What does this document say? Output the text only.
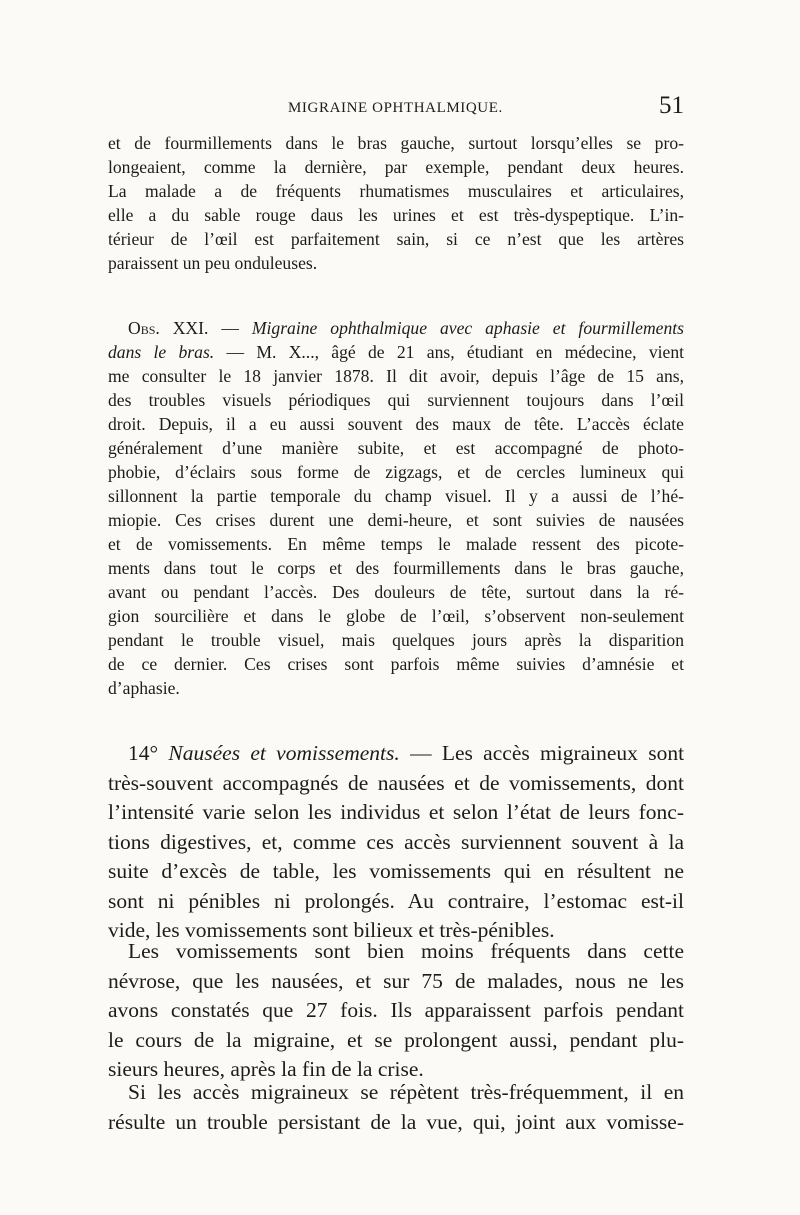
MIGRAINE OPHTHALMIQUE.	51
et de fourmillements dans le bras gauche, surtout lorsqu’elles se pro-
longeaient, comme la dernière, par exemple, pendant deux heures.
La malade a de fréquents rhumatismes musculaires et articulaires,
elle a du sable rouge daus les urines et est très-dyspeptique. L’in-
térieur de l’œil est parfaitement sain, si ce n’est que les artères
paraissent un peu onduleuses.
Obs. XXI. — Migraine ophthalmique avec aphasie et fourmillements
dans le bras. — M. X..., âgé de 21 ans, étudiant en médecine, vient
me consulter le 18 janvier 1878. Il dit avoir, depuis l’âge de 15 ans,
des troubles visuels périodiques qui surviennent toujours dans l’œil
droit. Depuis, il a eu aussi souvent des maux de tête. L’accès éclate
généralement d’une manière subite, et est accompagné de photo-
phobie, d’éclairs sous forme de zigzags, et de cercles lumineux qui
sillonnent la partie temporale du champ visuel. Il y a aussi de l’hé-
miopie. Ces crises durent une demi-heure, et sont suivies de nausées
et de vomissements. En même temps le malade ressent des picote-
ments dans tout le corps et des fourmillements dans le bras gauche,
avant ou pendant l’accès. Des douleurs de tête, surtout dans la ré-
gion sourcilière et dans le globe de l’œil, s’observent non-seulement
pendant le trouble visuel, mais quelques jours après la disparition
de ce dernier. Ces crises sont parfois même suivies d’amnésie et
d’aphasie.
14° Nausées et vomissements. — Les accès migraineux sont
très-souvent accompagnés de nausées et de vomissements, dont
l’intensité varie selon les individus et selon l’état de leurs fonc-
tions digestives, et, comme ces accès surviennent souvent à la
suite d’excès de table, les vomissements qui en résultent ne
sont ni pénibles ni prolongés. Au contraire, l’estomac est-il
vide, les vomissements sont bilieux et très-pénibles.
Les vomissements sont bien moins fréquents dans cette
névrose, que les nausées, et sur 75 de malades, nous ne les
avons constatés que 27 fois. Ils apparaissent parfois pendant
le cours de la migraine, et se prolongent aussi, pendant plu-
sieurs heures, après la fin de la crise.
Si les accès migraineux se répètent très-fréquemment, il en
résulte un trouble persistant de la vue, qui, joint aux vomisse-
